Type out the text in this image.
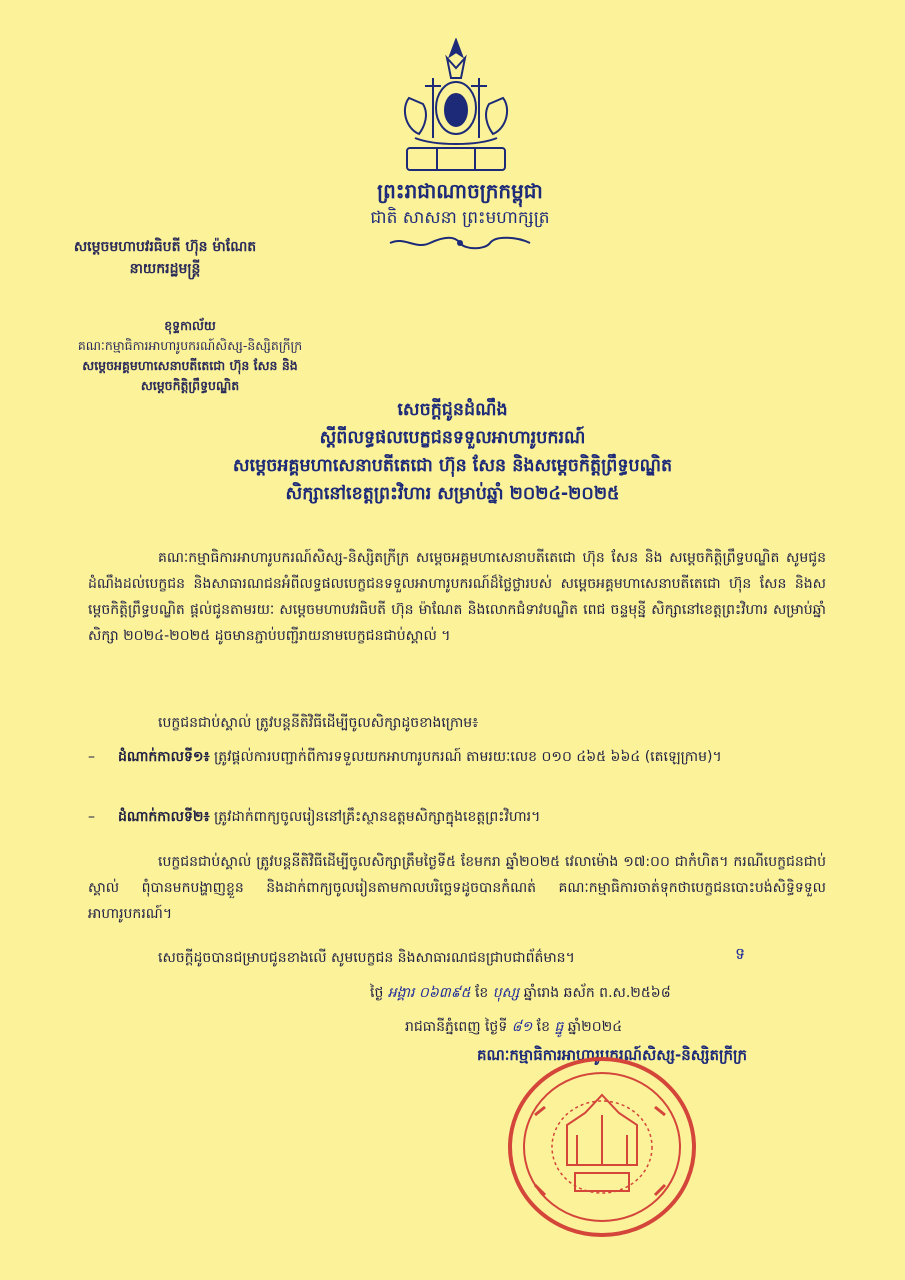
ព្រះរាជាណាចក្រកម្ពុជា
ជាតិ សាសនា ព្រះមហាក្សត្រ
សម្តេចមហាបវរធិបតី ហ៊ុន ម៉ាណែត
នាយករដ្ឋមន្ត្រី
ខុទ្ទកាល័យ
គណៈកម្មាធិការអាហារូបករណ៍សិស្ស-និស្សិតក្រីក្រ
សម្តេចអគ្គមហាសេនាបតីតេជោ ហ៊ុន សែន និង
សម្តេចកិត្តិព្រឹទ្ធបណ្ឌិត
សេចក្តីជូនដំណឹង
ស្តីពីលទ្ធផលបេក្ខជនទទួលអាហារូបករណ៍
សម្តេចអគ្គមហាសេនាបតីតេជោ ហ៊ុន សែន និងសម្តេចកិត្តិព្រឹទ្ធបណ្ឌិត
សិក្សានៅខេត្តព្រះវិហារ សម្រាប់ឆ្នាំ ២០២៤-២០២៥
គណៈកម្មាធិការអាហារូបករណ៍សិស្ស-និស្សិតក្រីក្រ សម្តេចអគ្គមហាសេនាបតីតេជោ ហ៊ុន សែន និង សម្តេចកិត្តិព្រឹទ្ធបណ្ឌិត សូមជូនដំណឹងដល់បេក្ខជន និងសាធារណជនអំពីលទ្ធផលបេក្ខជនទទួលអាហារូបករណ៍ដ៏ថ្លៃថ្លារបស់ សម្តេចអគ្គមហាសេនាបតីតេជោ ហ៊ុន សែន និងសម្តេចកិត្តិព្រឹទ្ធបណ្ឌិត ផ្តល់ជូនតាមរយៈ សម្តេចមហាបវរធិបតី ហ៊ុន ម៉ាណែត និងលោកជំទាវបណ្ឌិត ពេជ ចន្ទមុន្នី សិក្សានៅខេត្តព្រះវិហារ សម្រាប់ឆ្នាំសិក្សា ២០២៤-២០២៥ ដូចមានភ្ជាប់បញ្ជីរាយនាមបេក្ខជនជាប់ស្គាល់ ។
បេក្ខជនជាប់ស្គាល់ ត្រូវបន្តនីតិវិធីដើម្បីចូលសិក្សាដូចខាងក្រោម៖
– ដំណាក់កាលទី១៖ ត្រូវផ្តល់ការបញ្ជាក់ពីការទទួលយកអាហារូបករណ៍ តាមរយៈលេខ ០១០ ៤៦៥ ៦៦៤ (តេឡេក្រាម)។
– ដំណាក់កាលទី២៖ ត្រូវដាក់ពាក្យចូលរៀននៅគ្រឹះស្ថានឧត្តមសិក្សាក្នុងខេត្តព្រះវិហារ។
បេក្ខជនជាប់ស្គាល់ ត្រូវបន្តនីតិវិធីដើម្បីចូលសិក្សាត្រឹមថ្ងៃទី៥ ខែមករា ឆ្នាំ២០២៥ វេលាម៉ោង ១៧:០០ ជាកំហិត។ ករណីបេក្ខជនជាប់ស្គាល់ ពុំបានមកបង្ហាញខ្លួន និងដាក់ពាក្យចូលរៀនតាមកាលបរិច្ឆេទដូចបានកំណត់ គណៈកម្មាធិការចាត់ទុកថាបេក្ខជនបោះបង់សិទ្ធិទទួលអាហារូបករណ៍។
សេចក្តីដូចបានជម្រាបជូនខាងលើ សូមបេក្ខជន និងសាធារណជនជ្រាបជាព័ត៌មាន។	ទ
ថ្ងៃ អង្គារ ០៦៣៩៥ ខែ បុស្ស ឆ្នាំរោង ឆស័ក ព.ស.២៥៦៨
រាជធានីភ្នំពេញ ថ្ងៃទី ៨១ ខែ ធ្នូ ឆ្នាំ២០២៤
គណៈកម្មាធិការអាហារូបករណ៍សិស្ស-និស្សិតក្រីក្រ
